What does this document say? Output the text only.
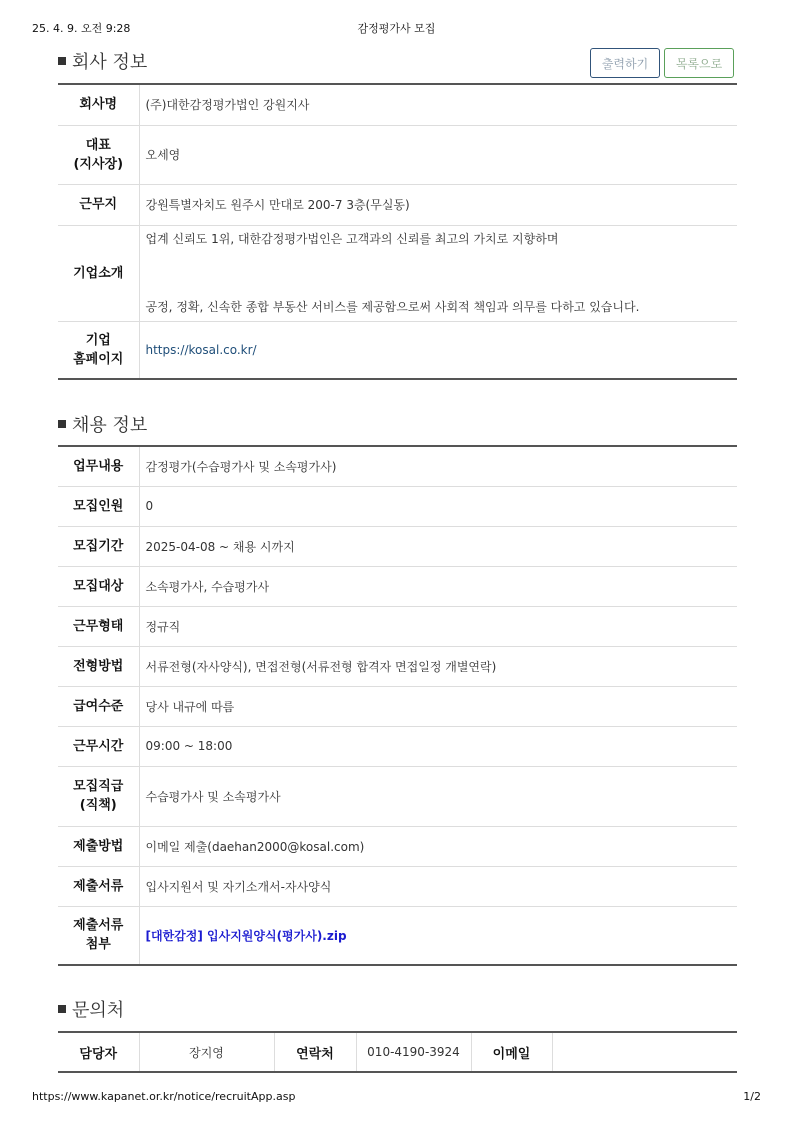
25. 4. 9. 오전 9:28	감정평가사 모집
회사 정보	출력하기	목록으로
회사명	(주)대한감정평가법인 강원지사
대표
(지사장)	오세영
근무지	강원특별자치도 원주시 만대로 200-7 3층(무실동)
기업소개	업계 신뢰도 1위, 대한감정평가법인은 고객과의 신뢰를 최고의 가치로 지향하며
공정, 정확, 신속한 종합 부동산 서비스를 제공함으로써 사회적 책임과 의무를 다하고 있습니다.

기업
홈페이지	https://kosal.co.kr/
채용 정보
업무내용	감정평가(수습평가사 및 소속평가사)
모집인원	0
모집기간	2025-04-08 ~ 채용 시까지
모집대상	소속평가사, 수습평가사
근무형태	정규직
전형방법	서류전형(자사양식), 면접전형(서류전형 합격자 면접일정 개별연락)
급여수준	당사 내규에 따름
근무시간	09:00 ~ 18:00
모집직급
(직책)	수습평가사 및 소속평가사
제출방법	이메일 제출(daehan2000@kosal.com)
제출서류	입사지원서 및 자기소개서-자사양식
제출서류
첨부	[대한감정] 입사지원양식(평가사).zip
문의처
담당자	장지영	연락처	010-4190-3924	이메일	
https://www.kapanet.or.kr/notice/recruitApp.asp	1/2
